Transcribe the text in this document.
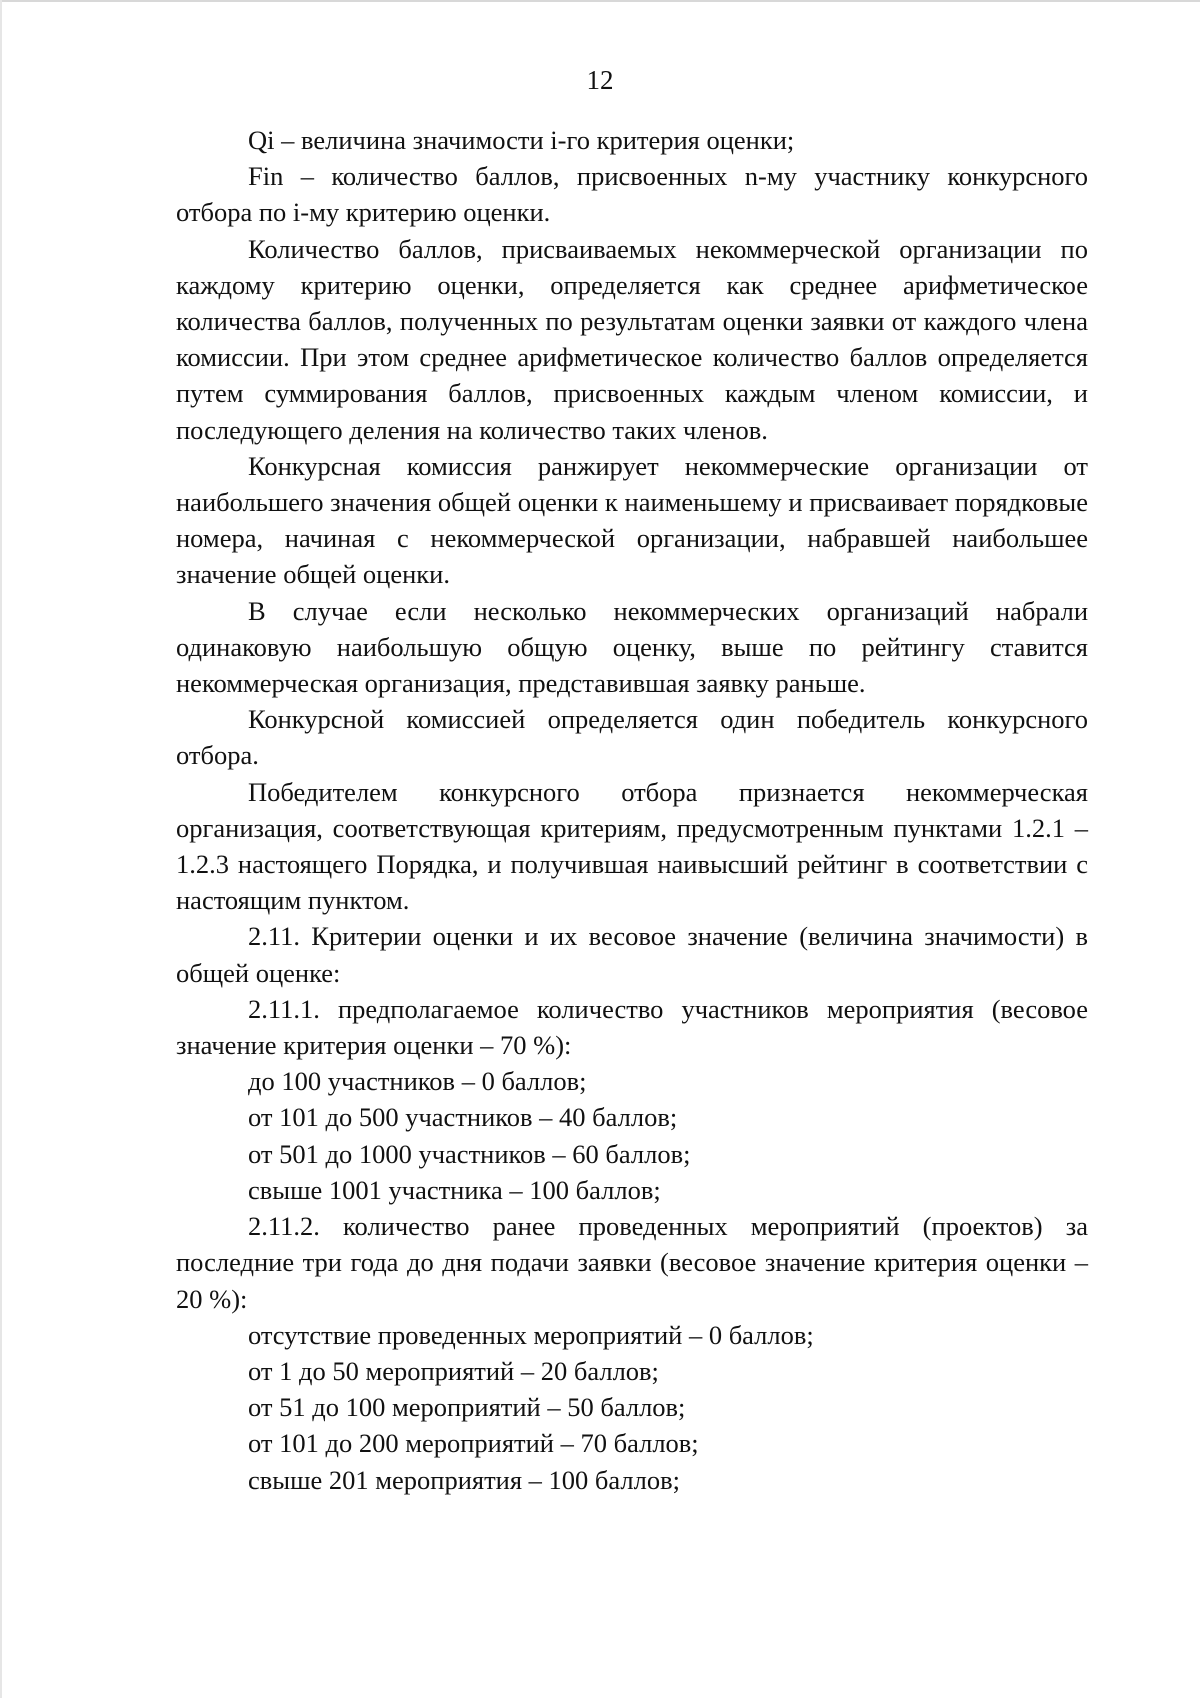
12

Qi – величина значимости i-го критерия оценки;

Fin – количество баллов, присвоенных n-му участнику конкурсного отбора по i-му критерию оценки.

Количество баллов, присваиваемых некоммерческой организации по каждому критерию оценки, определяется как среднее арифметическое количества баллов, полученных по результатам оценки заявки от каждого члена комиссии. При этом среднее арифметическое количество баллов определяется путем суммирования баллов, присвоенных каждым членом комиссии, и последующего деления на количество таких членов.

Конкурсная комиссия ранжирует некоммерческие организации от наибольшего значения общей оценки к наименьшему и присваивает порядковые номера, начиная с некоммерческой организации, набравшей наибольшее значение общей оценки.

В случае если несколько некоммерческих организаций набрали одинаковую наибольшую общую оценку, выше по рейтингу ставится некоммерческая организация, представившая заявку раньше.

Конкурсной комиссией определяется один победитель конкурсного отбора.

Победителем конкурсного отбора признается некоммерческая организация, соответствующая критериям, предусмотренным пунктами 1.2.1 – 1.2.3 настоящего Порядка, и получившая наивысший рейтинг в соответствии с настоящим пунктом.

2.11. Критерии оценки и их весовое значение (величина значимости) в общей оценке:

2.11.1. предполагаемое количество участников мероприятия (весовое значение критерия оценки – 70 %):

до 100 участников – 0 баллов;

от 101 до 500 участников – 40 баллов;

от 501 до 1000 участников – 60 баллов;

свыше 1001 участника – 100 баллов;

2.11.2. количество ранее проведенных мероприятий (проектов) за последние три года до дня подачи заявки (весовое значение критерия оценки – 20 %):

отсутствие проведенных мероприятий – 0 баллов;

от 1 до 50 мероприятий – 20 баллов;

от 51 до 100 мероприятий – 50 баллов;

от 101 до 200 мероприятий – 70 баллов;

свыше 201 мероприятия – 100 баллов;
